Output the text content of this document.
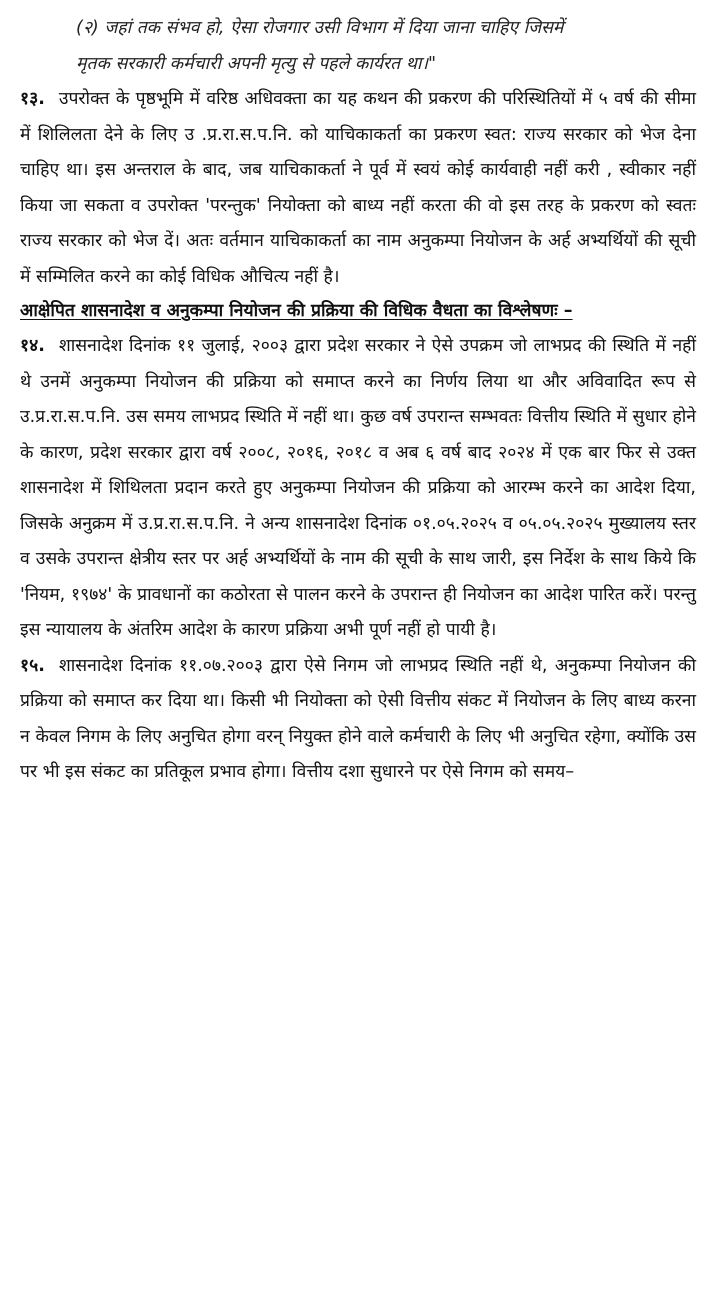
(२) जहां तक संभव हो, ऐसा रोजगार उसी विभाग में दिया जाना चाहिए जिसमें

मृतक सरकारी कर्मचारी अपनी मृत्यु से पहले कार्यरत था।"

१३. उपरोक्त के पृष्ठभूमि में वरिष्ठ अधिवक्ता का यह कथन की प्रकरण की परिस्थितियों में ५ वर्ष की सीमा में शिलिलता देने के लिए उ .प्र.रा.स.प.नि. को याचिकाकर्ता का प्रकरण स्वत: राज्य सरकार को भेज देना चाहिए था। इस अन्तराल के बाद, जब याचिकाकर्ता ने पूर्व में स्वयं कोई कार्यवाही नहीं करी , स्वीकार नहीं किया जा सकता व उपरोक्त 'परन्तुक' नियोक्ता को बाध्य नहीं करता की वो इस तरह के प्रकरण को स्वतः राज्य सरकार को भेज दें। अतः वर्तमान याचिकाकर्ता का नाम अनुकम्पा नियोजन के अर्ह अभ्यर्थियों की सूची में सम्मिलित करने का कोई विधिक औचित्य नहीं है।

आक्षेपित शासनादेश व अनुकम्पा नियोजन की प्रक्रिया की विधिक वैधता का विश्लेषणः –

१४. शासनादेश दिनांक ११ जुलाई, २००३ द्वारा प्रदेश सरकार ने ऐसे उपक्रम जो लाभप्रद की स्थिति में नहीं थे उनमें अनुकम्पा नियोजन की प्रक्रिया को समाप्त करने का निर्णय लिया था और अविवादित रूप से उ.प्र.रा.स.प.नि. उस समय लाभप्रद स्थिति में नहीं था। कुछ वर्ष उपरान्त सम्भवतः वित्तीय स्थिति में सुधार होने के कारण, प्रदेश सरकार द्वारा वर्ष २००८, २०१६, २०१८ व अब ६ वर्ष बाद २०२४ में एक बार फिर से उक्त शासनादेश में शिथिलता प्रदान करते हुए अनुकम्पा नियोजन की प्रक्रिया को आरम्भ करने का आदेश दिया, जिसके अनुक्रम में उ.प्र.रा.स.प.नि. ने अन्य शासनादेश दिनांक ०१.०५.२०२५ व ०५.०५.२०२५ मुख्यालय स्तर व उसके उपरान्त क्षेत्रीय स्तर पर अर्ह अभ्यर्थियों के नाम की सूची के साथ जारी, इस निर्देश के साथ किये कि 'नियम, १९७४' के प्रावधानों का कठोरता से पालन करने के उपरान्त ही नियोजन का आदेश पारित करें। परन्तु इस न्यायालय के अंतरिम आदेश के कारण प्रक्रिया अभी पूर्ण नहीं हो पायी है।

१५. शासनादेश दिनांक ११.०७.२००३ द्वारा ऐसे निगम जो लाभप्रद स्थिति नहीं थे, अनुकम्पा नियोजन की प्रक्रिया को समाप्त कर दिया था। किसी भी नियोक्ता को ऐसी वित्तीय संकट में नियोजन के लिए बाध्य करना न केवल निगम के लिए अनुचित होगा वरन् नियुक्त होने वाले कर्मचारी के लिए भी अनुचित रहेगा, क्योंकि उस पर भी इस संकट का प्रतिकूल प्रभाव होगा। वित्तीय दशा सुधारने पर ऐसे निगम को समय–
